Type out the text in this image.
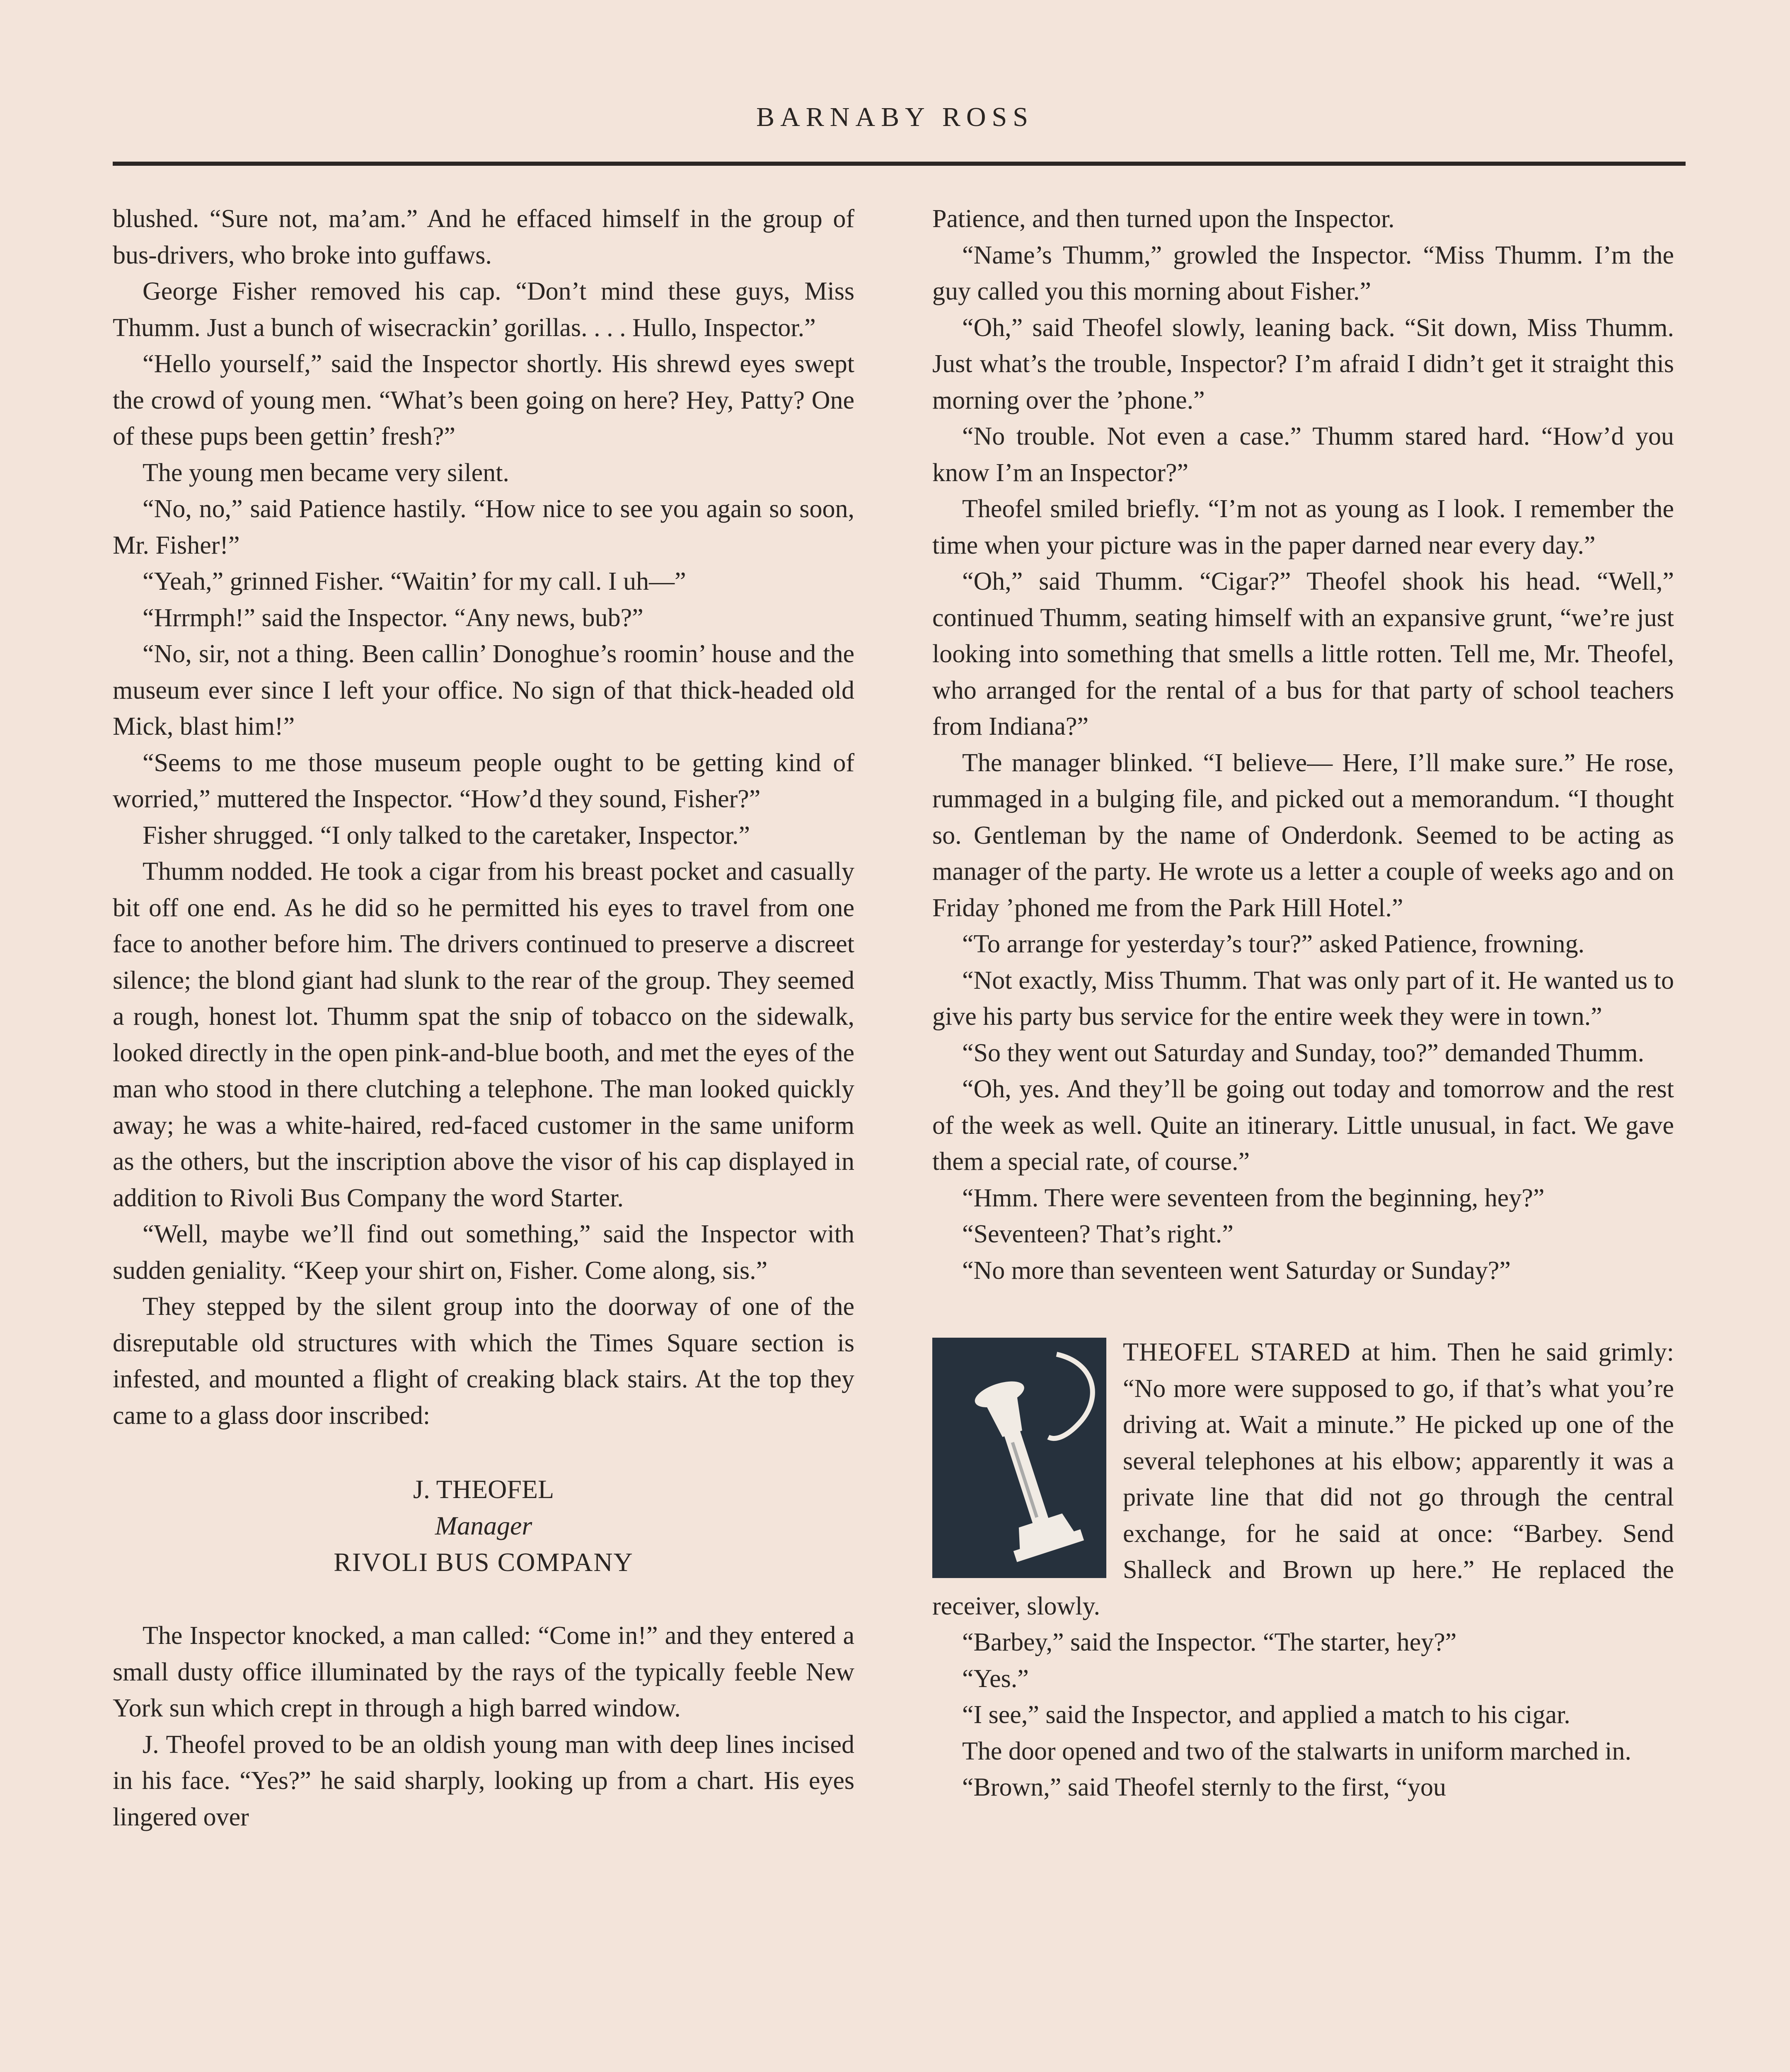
BARNABY ROSS

blushed. “Sure not, ma’am.” And he effaced himself in the group of bus-drivers, who broke into guffaws.

George Fisher removed his cap. “Don’t mind these guys, Miss Thumm. Just a bunch of wisecrackin’ gorillas. . . . Hullo, Inspector.”

“Hello yourself,” said the Inspector shortly. His shrewd eyes swept the crowd of young men. “What’s been going on here? Hey, Patty? One of these pups been gettin’ fresh?”

The young men became very silent.

“No, no,” said Patience hastily. “How nice to see you again so soon, Mr. Fisher!”

“Yeah,” grinned Fisher. “Waitin’ for my call. I uh—”

“Hrrmph!” said the Inspector. “Any news, bub?”

“No, sir, not a thing. Been callin’ Donoghue’s roomin’ house and the museum ever since I left your office. No sign of that thick-headed old Mick, blast him!”

“Seems to me those museum people ought to be getting kind of worried,” muttered the Inspector. “How’d they sound, Fisher?”

Fisher shrugged. “I only talked to the caretaker, Inspector.”

Thumm nodded. He took a cigar from his breast pocket and casually bit off one end. As he did so he permitted his eyes to travel from one face to another before him. The drivers continued to preserve a discreet silence; the blond giant had slunk to the rear of the group. They seemed a rough, honest lot. Thumm spat the snip of tobacco on the sidewalk, looked directly in the open pink-and-blue booth, and met the eyes of the man who stood in there clutching a telephone. The man looked quickly away; he was a white-haired, red-faced customer in the same uniform as the others, but the inscription above the visor of his cap displayed in addition to Rivoli Bus Company the word Starter.

“Well, maybe we’ll find out something,” said the Inspector with sudden geniality. “Keep your shirt on, Fisher. Come along, sis.”

They stepped by the silent group into the doorway of one of the disreputable old structures with which the Times Square section is infested, and mounted a flight of creaking black stairs. At the top they came to a glass door inscribed:

J. THEOFEL
Manager
RIVOLI BUS COMPANY

The Inspector knocked, a man called: “Come in!” and they entered a small dusty office illuminated by the rays of the typically feeble New York sun which crept in through a high barred window.

J. Theofel proved to be an oldish young man with deep lines incised in his face. “Yes?” he said sharply, looking up from a chart. His eyes lingered over

Patience, and then turned upon the Inspector.

“Name’s Thumm,” growled the Inspector. “Miss Thumm. I’m the guy called you this morning about Fisher.”

“Oh,” said Theofel slowly, leaning back. “Sit down, Miss Thumm. Just what’s the trouble, Inspector? I’m afraid I didn’t get it straight this morning over the ’phone.”

“No trouble. Not even a case.” Thumm stared hard. “How’d you know I’m an Inspector?”

Theofel smiled briefly. “I’m not as young as I look. I remember the time when your picture was in the paper darned near every day.”

“Oh,” said Thumm. “Cigar?” Theofel shook his head. “Well,” continued Thumm, seating himself with an expansive grunt, “we’re just looking into something that smells a little rotten. Tell me, Mr. Theofel, who arranged for the rental of a bus for that party of school teachers from Indiana?”

The manager blinked. “I believe— Here, I’ll make sure.” He rose, rummaged in a bulging file, and picked out a memorandum. “I thought so. Gentleman by the name of Onderdonk. Seemed to be acting as manager of the party. He wrote us a letter a couple of weeks ago and on Friday ’phoned me from the Park Hill Hotel.”

“To arrange for yesterday’s tour?” asked Patience, frowning.

“Not exactly, Miss Thumm. That was only part of it. He wanted us to give his party bus service for the entire week they were in town.”

“So they went out Saturday and Sunday, too?” demanded Thumm.

“Oh, yes. And they’ll be going out today and tomorrow and the rest of the week as well. Quite an itinerary. Little unusual, in fact. We gave them a special rate, of course.”

“Hmm. There were seventeen from the beginning, hey?”

“Seventeen? That’s right.”

“No more than seventeen went Saturday or Sunday?”

THEOFEL STARED at him. Then he said grimly: “No more were supposed to go, if that’s what you’re driving at. Wait a minute.” He picked up one of the several telephones at his elbow; apparently it was a private line that did not go through the central exchange, for he said at once: “Barbey. Send Shalleck and Brown up here.” He replaced the receiver, slowly.

“Barbey,” said the Inspector. “The starter, hey?”

“Yes.”

“I see,” said the Inspector, and applied a match to his cigar.

The door opened and two of the stalwarts in uniform marched in.

“Brown,” said Theofel sternly to the first, “you
